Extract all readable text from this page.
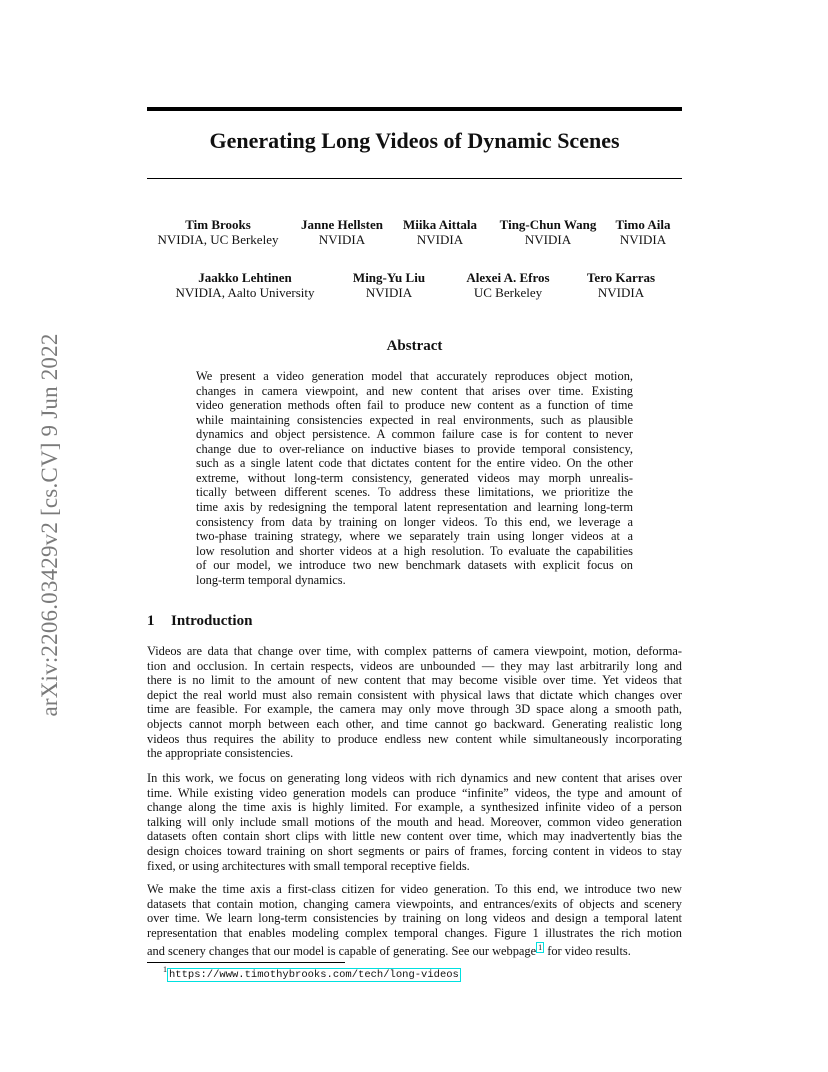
arXiv:2206.03429v2 [cs.CV] 9 Jun 2022
Generating Long Videos of Dynamic Scenes
Tim Brooks
NVIDIA, UC Berkeley
Janne Hellsten
NVIDIA
Miika Aittala
NVIDIA
Ting-Chun Wang
NVIDIA
Timo Aila
NVIDIA
Jaakko Lehtinen
NVIDIA, Aalto University
Ming-Yu Liu
NVIDIA
Alexei A. Efros
UC Berkeley
Tero Karras
NVIDIA
Abstract
We present a video generation model that accurately reproduces object motion,
changes in camera viewpoint, and new content that arises over time. Existing
video generation methods often fail to produce new content as a function of time
while maintaining consistencies expected in real environments, such as plausible
dynamics and object persistence. A common failure case is for content to never
change due to over-reliance on inductive biases to provide temporal consistency,
such as a single latent code that dictates content for the entire video. On the other
extreme, without long-term consistency, generated videos may morph unrealis-
tically between different scenes. To address these limitations, we prioritize the
time axis by redesigning the temporal latent representation and learning long-term
consistency from data by training on longer videos. To this end, we leverage a
two-phase training strategy, where we separately train using longer videos at a
low resolution and shorter videos at a high resolution. To evaluate the capabilities
of our model, we introduce two new benchmark datasets with explicit focus on
long-term temporal dynamics.
1 Introduction
Videos are data that change over time, with complex patterns of camera viewpoint, motion, deforma-
tion and occlusion. In certain respects, videos are unbounded — they may last arbitrarily long and
there is no limit to the amount of new content that may become visible over time. Yet videos that
depict the real world must also remain consistent with physical laws that dictate which changes over
time are feasible. For example, the camera may only move through 3D space along a smooth path,
objects cannot morph between each other, and time cannot go backward. Generating realistic long
videos thus requires the ability to produce endless new content while simultaneously incorporating
the appropriate consistencies.
In this work, we focus on generating long videos with rich dynamics and new content that arises over
time. While existing video generation models can produce “infinite” videos, the type and amount of
change along the time axis is highly limited. For example, a synthesized infinite video of a person
talking will only include small motions of the mouth and head. Moreover, common video generation
datasets often contain short clips with little new content over time, which may inadvertently bias the
design choices toward training on short segments or pairs of frames, forcing content in videos to stay
fixed, or using architectures with small temporal receptive fields.
We make the time axis a first-class citizen for video generation. To this end, we introduce two new
datasets that contain motion, changing camera viewpoints, and entrances/exits of objects and scenery
over time. We learn long-term consistencies by training on long videos and design a temporal latent
representation that enables modeling complex temporal changes. Figure 1 illustrates the rich motion
and scenery changes that our model is capable of generating. See our webpage $^1$ for video results.
$^1$ https://www.timothybrooks.com/tech/long-videos
